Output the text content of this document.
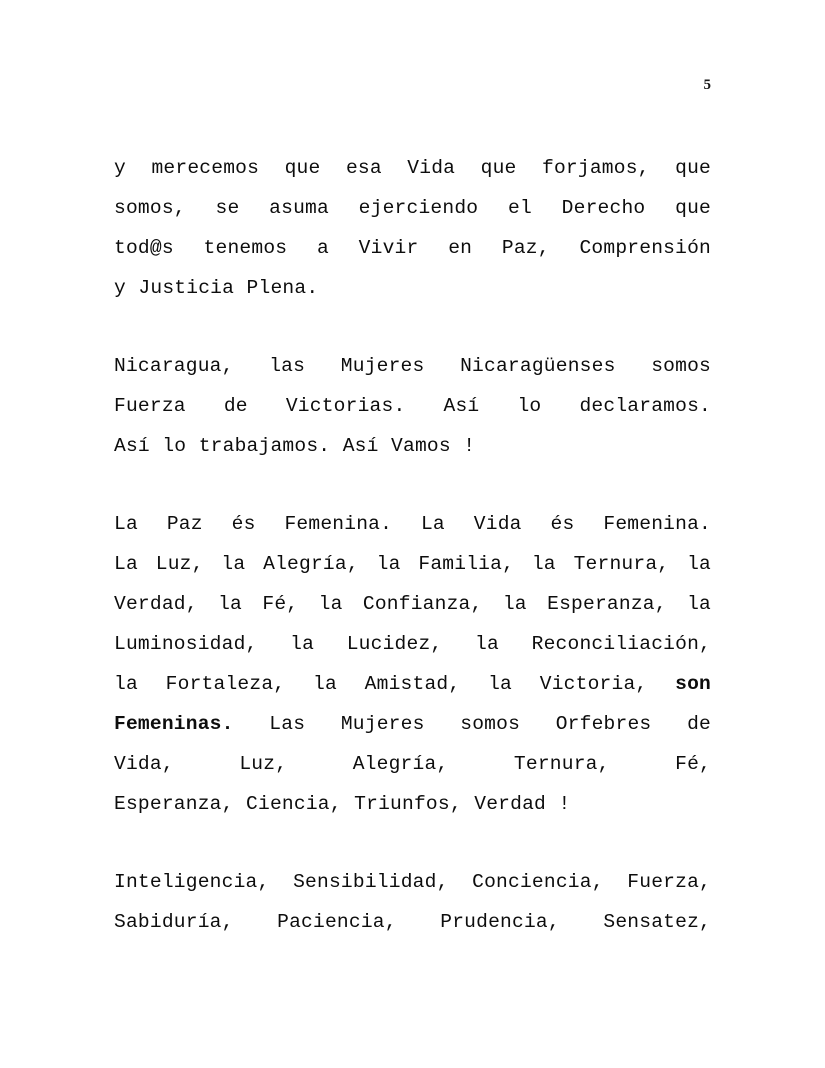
5

y merecemos que esa Vida que forjamos, que
somos, se asuma ejerciendo el Derecho que
tod@s tenemos a Vivir en Paz, Comprensión
y Justicia Plena.

Nicaragua, las Mujeres Nicaragüenses somos
Fuerza de Victorias. Así lo declaramos.
Así lo trabajamos. Así Vamos !

La Paz és Femenina. La Vida és Femenina.
La Luz, la Alegría, la Familia, la Ternura, la
Verdad, la Fé, la Confianza, la Esperanza, la
Luminosidad, la Lucidez, la Reconciliación,
la Fortaleza, la Amistad, la Victoria, son
Femeninas. Las Mujeres somos Orfebres de
Vida, Luz, Alegría, Ternura, Fé,
Esperanza, Ciencia, Triunfos, Verdad !

Inteligencia, Sensibilidad, Conciencia, Fuerza,
Sabiduría, Paciencia, Prudencia, Sensatez,
